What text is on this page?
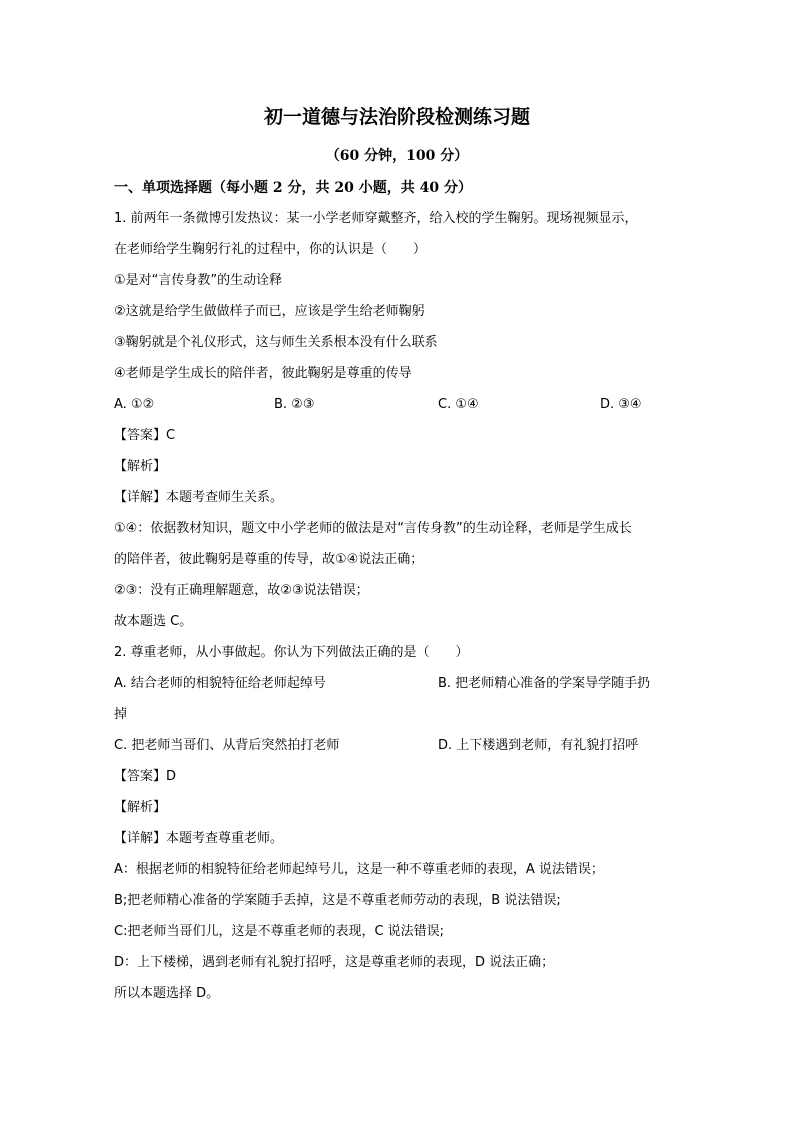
初一道德与法治阶段检测练习题
（60 分钟，100 分）
一、单项选择题（每小题 2 分，共 20 小题，共 40 分）
1. 前两年一条微博引发热议：某一小学老师穿戴整齐，给入校的学生鞠躬。现场视频显示，
在老师给学生鞠躬行礼的过程中，你的认识是（　　）
①是对“言传身教”的生动诠释
②这就是给学生做做样子而已，应该是学生给老师鞠躬
③鞠躬就是个礼仪形式，这与师生关系根本没有什么联系
④老师是学生成长的陪伴者，彼此鞠躬是尊重的传导
A. ①②	B. ②③	C. ①④	D. ③④
【答案】C
【解析】
【详解】本题考查师生关系。
①④：依据教材知识，题文中小学老师的做法是对“言传身教”的生动诠释，老师是学生成长
的陪伴者，彼此鞠躬是尊重的传导，故①④说法正确；
②③：没有正确理解题意，故②③说法错误；
故本题选 C。
2. 尊重老师，从小事做起。你认为下列做法正确的是（　　）
A. 结合老师的相貌特征给老师起绰号	B. 把老师精心准备的学案导学随手扔
掉
C. 把老师当哥们、从背后突然拍打老师	D. 上下楼遇到老师，有礼貌打招呼
【答案】D
【解析】
【详解】本题考查尊重老师。
A：根据老师的相貌特征给老师起绰号儿，这是一种不尊重老师的表现，A 说法错误；
B;把老师精心准备的学案随手丢掉，这是不尊重老师劳动的表现，B 说法错误;
C:把老师当哥们儿，这是不尊重老师的表现，C 说法错误;
D：上下楼梯，遇到老师有礼貌打招呼，这是尊重老师的表现，D 说法正确；
所以本题选择 D。
